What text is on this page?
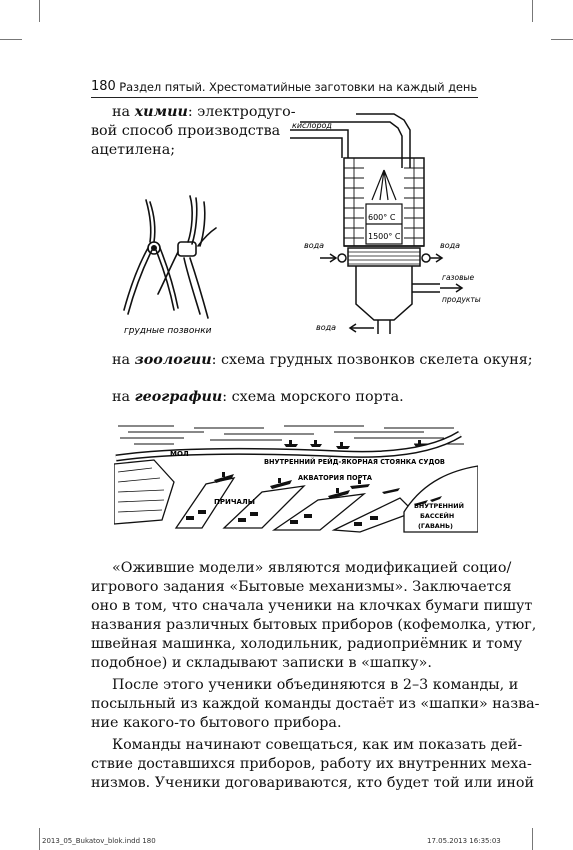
180 Раздел пятый. Хрестоматийные заготовки на каждый день
на химии: электродуго-
вой способ производства
ацетилена;
грудные позвонки
кислород
600° С
1500° С
вода	вода
газовые
продукты
вода
на зоологии: схема грудных позвонков скелета окуня;
на географии: схема морского порта.
МОЛ
ВНУТРЕННИЙ РЕЙД-ЯКОРНАЯ СТОЯНКА СУДОВ
АКВАТОРИЯ ПОРТА
ПРИЧАЛЫ	ВНУТРЕННИЙ
БАССЕЙН
(ГАВАНЬ)
«Ожившие модели» являются модификацией социо/
игрового задания «Бытовые механизмы». Заключается
оно в том, что сначала ученики на клочках бумаги пишут
названия различных бытовых приборов (кофемолка, утюг,
швейная машинка, холодильник, радиоприёмник и тому
подобное) и складывают записки в «шапку».
После этого ученики объединяются в 2–3 команды, и
посыльный из каждой команды достаёт из «шапки» назва-
ние какого-то бытового прибора.
Команды начинают совещаться, как им показать дей-
ствие доставшихся приборов, работу их внутренних меха-
низмов. Ученики договариваются, кто будет той или иной
2013_05_Bukatov_blok.indd 180	17.05.2013 16:35:03
